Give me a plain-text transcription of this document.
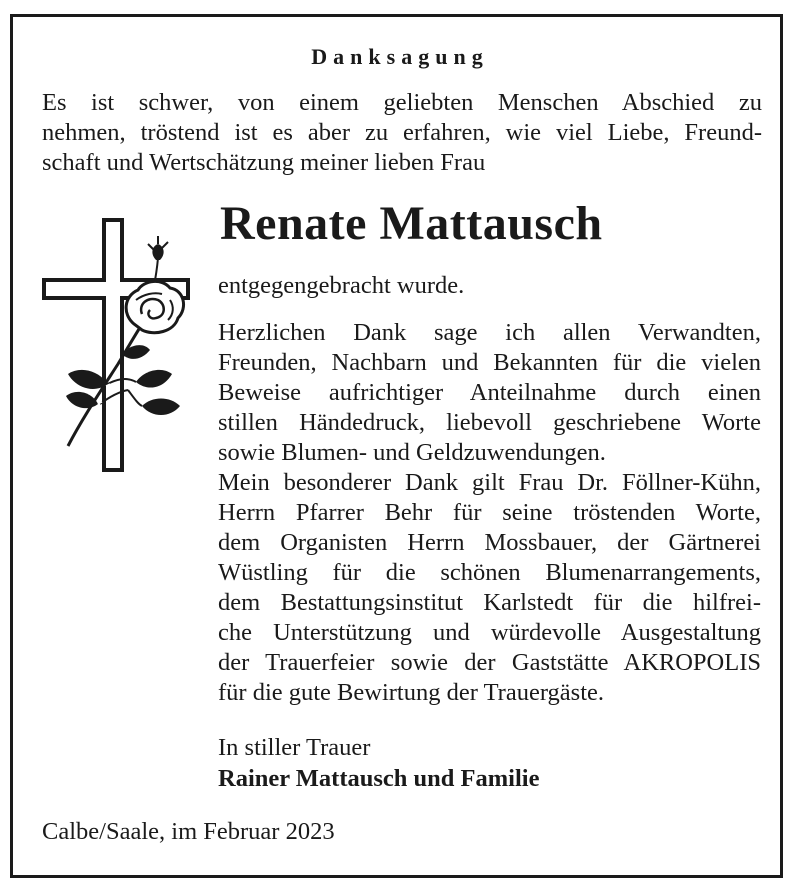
Danksagung
Es ist schwer, von einem geliebten Menschen Abschied zu
nehmen, tröstend ist es aber zu erfahren, wie viel Liebe, Freund-
schaft und Wertschätzung meiner lieben Frau
Renate Mattausch
entgegengebracht wurde.
Herzlichen Dank sage ich allen Verwandten,
Freunden, Nachbarn und Bekannten für die vielen
Beweise aufrichtiger Anteilnahme durch einen
stillen Händedruck, liebevoll geschriebene Worte
sowie Blumen- und Geldzuwendungen.
Mein besonderer Dank gilt Frau Dr. Föllner-Kühn,
Herrn Pfarrer Behr für seine tröstenden Worte,
dem Organisten Herrn Mossbauer, der Gärtnerei
Wüstling für die schönen Blumenarrangements,
dem Bestattungsinstitut Karlstedt für die hilfrei-
che Unterstützung und würdevolle Ausgestaltung
der Trauerfeier sowie der Gaststätte AKROPOLIS
für die gute Bewirtung der Trauergäste.
In stiller Trauer
Rainer Mattausch und Familie
Calbe/Saale, im Februar 2023
